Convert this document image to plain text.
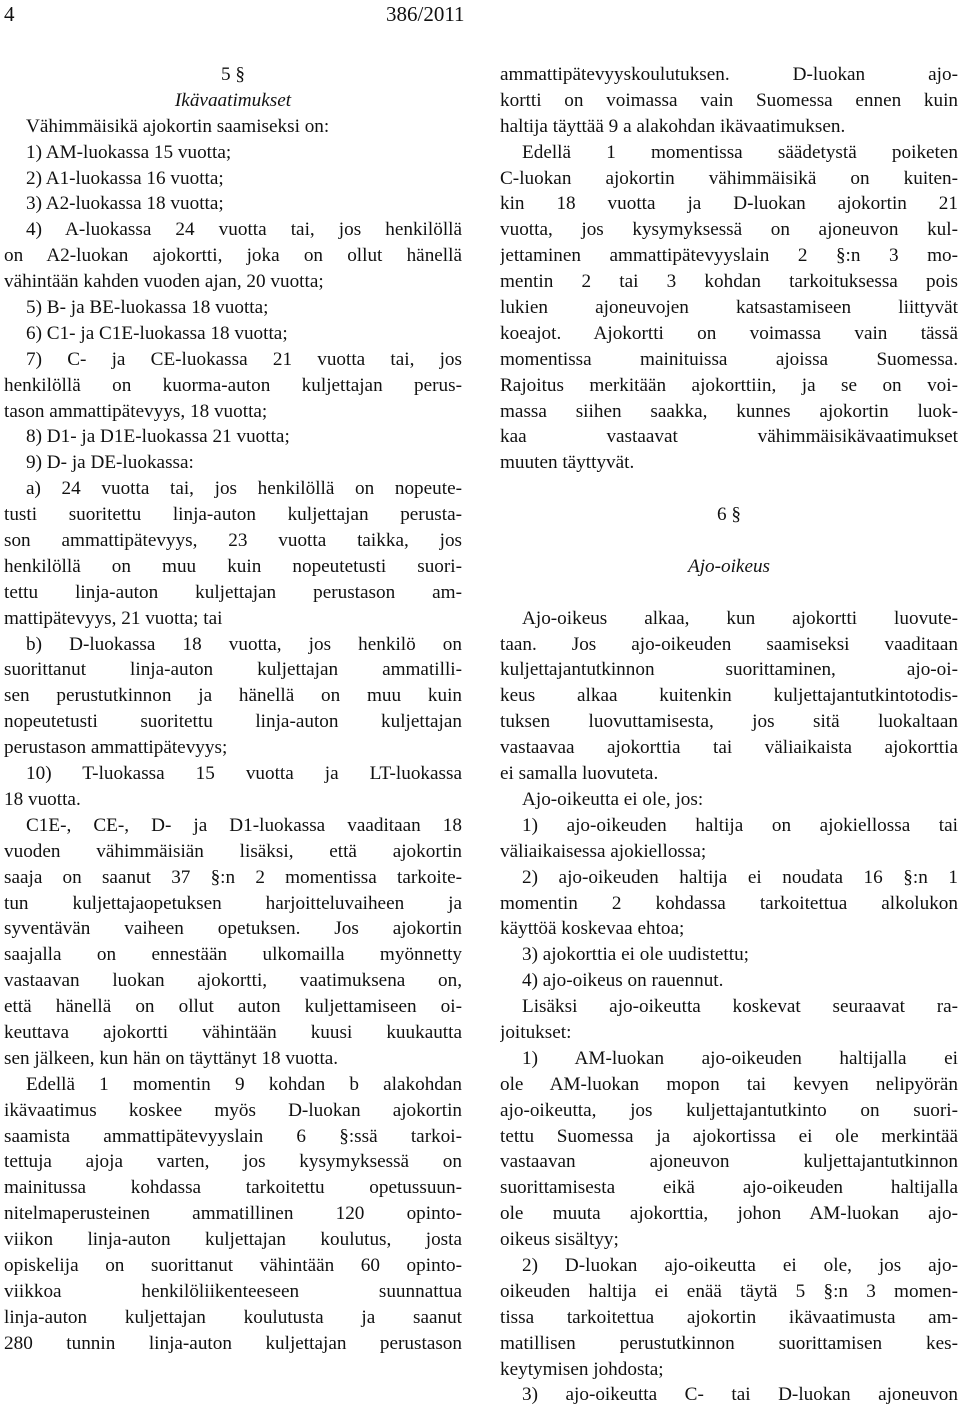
4	386/2011
5 §
Ikävaatimukset
Vähimmäisikä ajokortin saamiseksi on:
1) AM-luokassa 15 vuotta;
2) A1-luokassa 16 vuotta;
3) A2-luokassa 18 vuotta;
4) A-luokassa 24 vuotta tai, jos henkilöllä
on A2-luokan ajokortti, joka on ollut hänellä
vähintään kahden vuoden ajan, 20 vuotta;
5) B- ja BE-luokassa 18 vuotta;
6) C1- ja C1E-luokassa 18 vuotta;
7) C- ja CE-luokassa 21 vuotta tai, jos
henkilöllä on kuorma-auton kuljettajan perus-
tason ammattipätevyys, 18 vuotta;
8) D1- ja D1E-luokassa 21 vuotta;
9) D- ja DE-luokassa:
a) 24 vuotta tai, jos henkilöllä on nopeute-
tusti suoritettu linja-auton kuljettajan perusta-
son ammattipätevyys, 23 vuotta taikka, jos
henkilöllä on muu kuin nopeutetusti suori-
tettu linja-auton kuljettajan perustason am-
mattipätevyys, 21 vuotta; tai
b) D-luokassa 18 vuotta, jos henkilö on
suorittanut linja-auton kuljettajan ammatilli-
sen perustutkinnon ja hänellä on muu kuin
nopeutetusti suoritettu linja-auton kuljettajan
perustason ammattipätevyys;
10) T-luokassa 15 vuotta ja LT-luokassa
18 vuotta.
C1E-, CE-, D- ja D1-luokassa vaaditaan 18
vuoden vähimmäisiän lisäksi, että ajokortin
saaja on saanut 37 §:n 2 momentissa tarkoite-
tun kuljettajaopetuksen harjoitteluvaiheen ja
syventävän vaiheen opetuksen. Jos ajokortin
saajalla on ennestään ulkomailla myönnetty
vastaavan luokan ajokortti, vaatimuksena on,
että hänellä on ollut auton kuljettamiseen oi-
keuttava ajokortti vähintään kuusi kuukautta
sen jälkeen, kun hän on täyttänyt 18 vuotta.
Edellä 1 momentin 9 kohdan b alakohdan
ikävaatimus koskee myös D-luokan ajokortin
saamista ammattipätevyyslain 6 §:ssä tarkoi-
tettuja ajoja varten, jos kysymyksessä on
mainitussa kohdassa tarkoitettu opetussuun-
nitelmaperusteinen ammatillinen 120 opinto-
viikon linja-auton kuljettajan koulutus, josta
opiskelija on suorittanut vähintään 60 opinto-
viikkoa henkilöliikenteeseen suunnattua
linja-auton kuljettajan koulutusta ja saanut
280 tunnin linja-auton kuljettajan perustason
ammattipätevyyskoulutuksen. D-luokan ajo-
kortti on voimassa vain Suomessa ennen kuin
haltija täyttää 9 a alakohdan ikävaatimuksen.
Edellä 1 momentissa säädetystä poiketen
C-luokan ajokortin vähimmäisikä on kuiten-
kin 18 vuotta ja D-luokan ajokortin 21
vuotta, jos kysymyksessä on ajoneuvon kul-
jettaminen ammattipätevyyslain 2 §:n 3 mo-
mentin 2 tai 3 kohdan tarkoituksessa pois
lukien ajoneuvojen katsastamiseen liittyvät
koeajot. Ajokortti on voimassa vain tässä
momentissa mainituissa ajoissa Suomessa.
Rajoitus merkitään ajokorttiin, ja se on voi-
massa siihen saakka, kunnes ajokortin luok-
kaa vastaavat vähimmäisikävaatimukset
muuten täyttyvät.
6 §
Ajo-oikeus
Ajo-oikeus alkaa, kun ajokortti luovute-
taan. Jos ajo-oikeuden saamiseksi vaaditaan
kuljettajantutkinnon suorittaminen, ajo-oi-
keus alkaa kuitenkin kuljettajantutkintotodis-
tuksen luovuttamisesta, jos sitä luokaltaan
vastaavaa ajokorttia tai väliaikaista ajokorttia
ei samalla luovuteta.
Ajo-oikeutta ei ole, jos:
1) ajo-oikeuden haltija on ajokiellossa tai
väliaikaisessa ajokiellossa;
2) ajo-oikeuden haltija ei noudata 16 §:n 1
momentin 2 kohdassa tarkoitettua alkolukon
käyttöä koskevaa ehtoa;
3) ajokorttia ei ole uudistettu;
4) ajo-oikeus on rauennut.
Lisäksi ajo-oikeutta koskevat seuraavat ra-
joitukset:
1) AM-luokan ajo-oikeuden haltijalla ei
ole AM-luokan mopon tai kevyen nelipyörän
ajo-oikeutta, jos kuljettajantutkinto on suori-
tettu Suomessa ja ajokortissa ei ole merkintää
vastaavan ajoneuvon kuljettajantutkinnon
suorittamisesta eikä ajo-oikeuden haltijalla
ole muuta ajokorttia, johon AM-luokan ajo-
oikeus sisältyy;
2) D-luokan ajo-oikeutta ei ole, jos ajo-
oikeuden haltija ei enää täytä 5 §:n 3 momen-
tissa tarkoitettua ajokortin ikävaatimusta am-
matillisen perustutkinnon suorittamisen kes-
keytymisen johdosta;
3) ajo-oikeutta C- tai D-luokan ajoneuvon
